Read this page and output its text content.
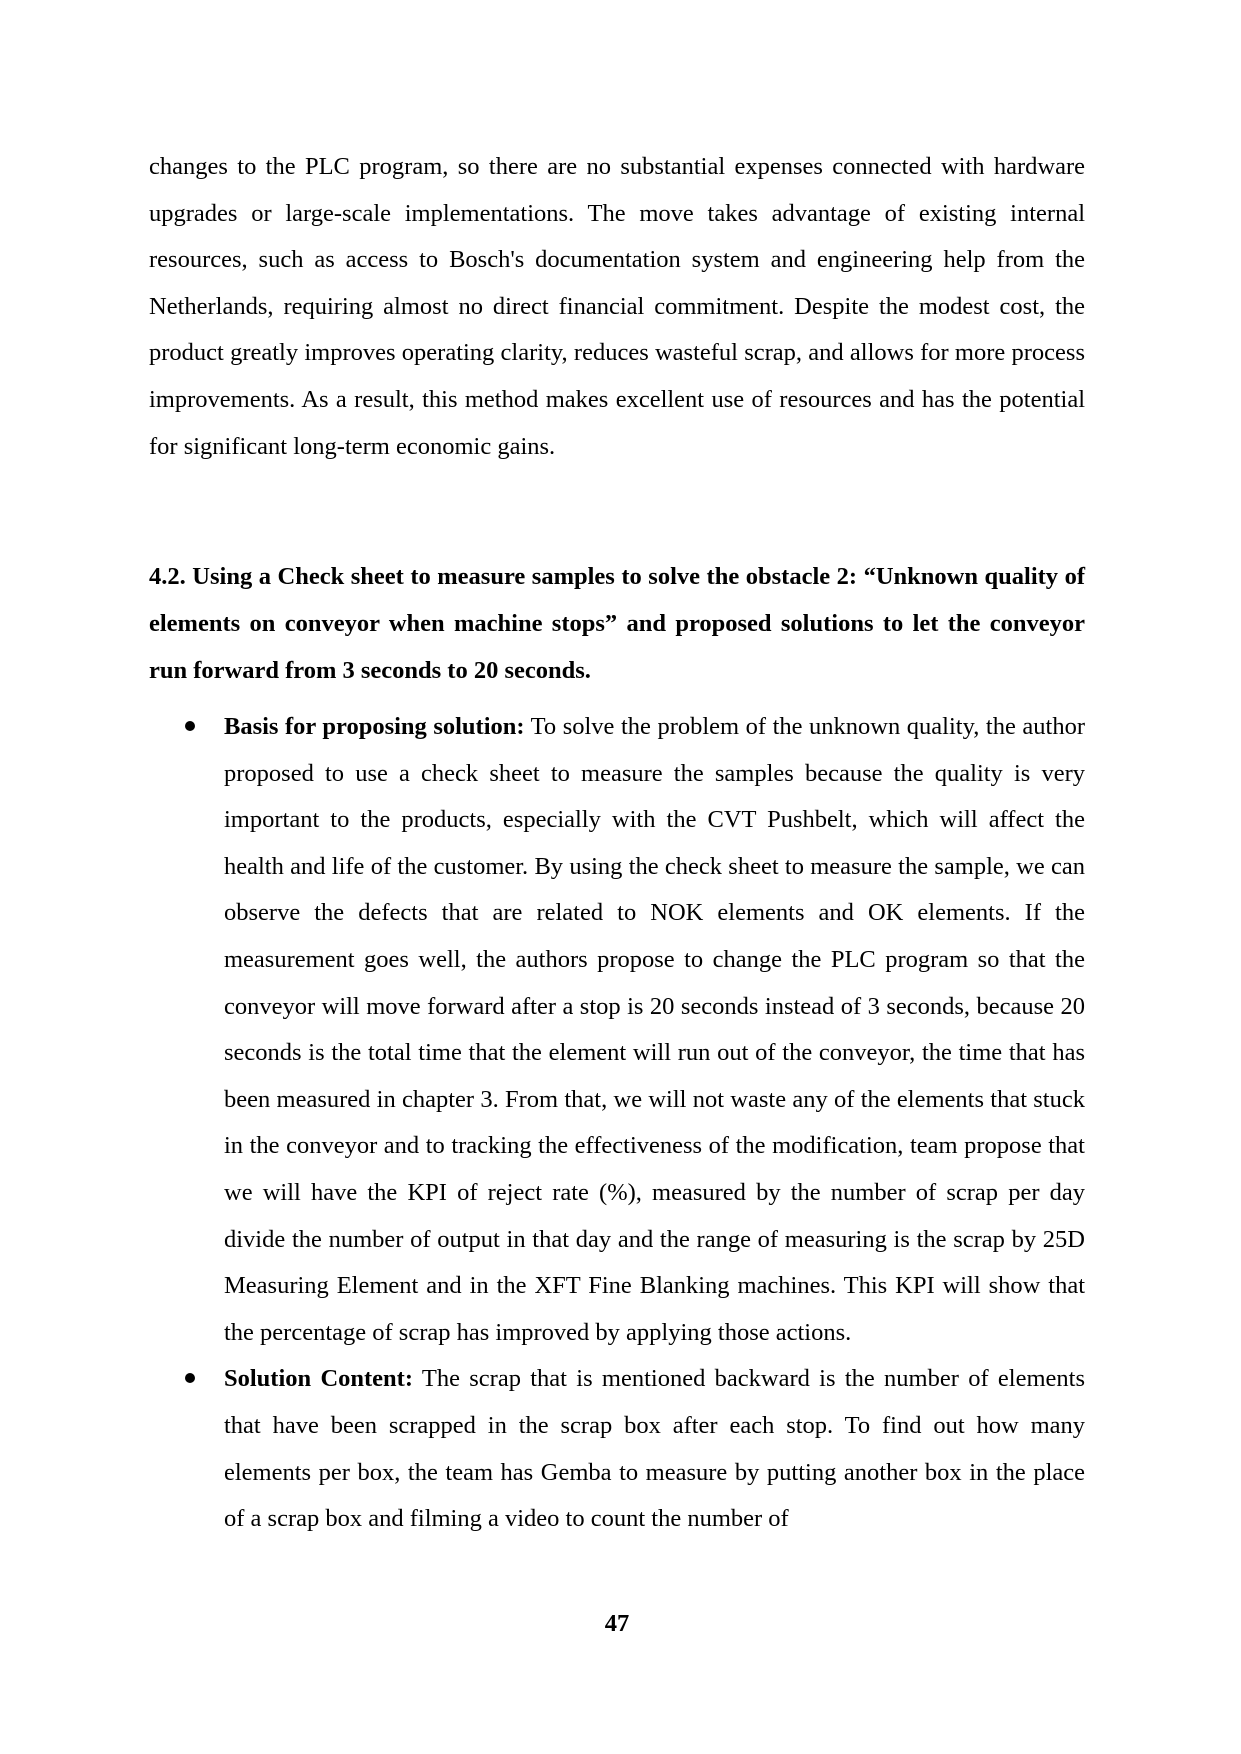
changes to the PLC program, so there are no substantial expenses connected with hardware upgrades or large-scale implementations. The move takes advantage of existing internal resources, such as access to Bosch's documentation system and engineering help from the Netherlands, requiring almost no direct financial commitment. Despite the modest cost, the product greatly improves operating clarity, reduces wasteful scrap, and allows for more process improvements. As a result, this method makes excellent use of resources and has the potential for significant long-term economic gains.

4.2. Using a Check sheet to measure samples to solve the obstacle 2: “Unknown quality of elements on conveyor when machine stops” and proposed solutions to let the conveyor run forward from 3 seconds to 20 seconds.

Basis for proposing solution: To solve the problem of the unknown quality, the author proposed to use a check sheet to measure the samples because the quality is very important to the products, especially with the CVT Pushbelt, which will affect the health and life of the customer. By using the check sheet to measure the sample, we can observe the defects that are related to NOK elements and OK elements. If the measurement goes well, the authors propose to change the PLC program so that the conveyor will move forward after a stop is 20 seconds instead of 3 seconds, because 20 seconds is the total time that the element will run out of the conveyor, the time that has been measured in chapter 3. From that, we will not waste any of the elements that stuck in the conveyor and to tracking the effectiveness of the modification, team propose that we will have the KPI of reject rate (%), measured by the number of scrap per day divide the number of output in that day and the range of measuring is the scrap by 25D Measuring Element and in the XFT Fine Blanking machines. This KPI will show that the percentage of scrap has improved by applying those actions.
Solution Content: The scrap that is mentioned backward is the number of elements that have been scrapped in the scrap box after each stop. To find out how many elements per box, the team has Gemba to measure by putting another box in the place of a scrap box and filming a video to count the number of

47
